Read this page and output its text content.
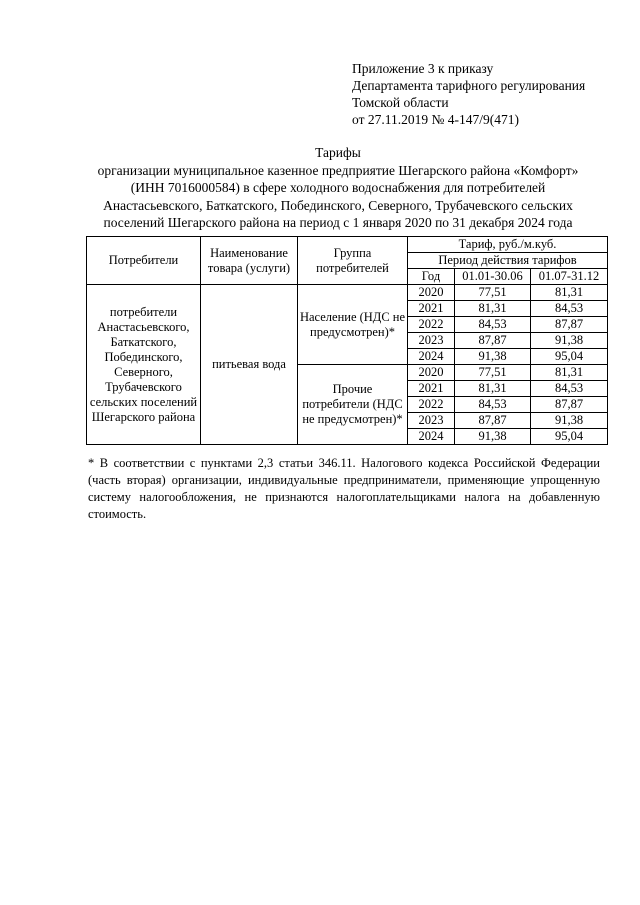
Приложение 3 к приказу
Департамента тарифного регулирования
Томской области
от 27.11.2019 № 4-147/9(471)
Тарифы
организации муниципальное казенное предприятие Шегарского района «Комфорт»
(ИНН 7016000584) в сфере холодного водоснабжения для потребителей
Анастасьевского, Баткатского, Побединского, Северного, Трубачевского сельских
поселений Шегарского района на период с 1 января 2020 по 31 декабря 2024 года
Потребители	Наименование товара (услуги)	Группа потребителей	Тариф, руб./м.куб.		
			Период действия тарифов		
			Год	01.01-30.06	01.07-31.12
потребители Анастасьевского, Баткатского, Побединского, Северного, Трубачевского сельских поселений Шегарского района	питьевая вода	Население (НДС не предусмотрен)*	2020	77,51	81,31
			2021	81,31	84,53
			2022	84,53	87,87
			2023	87,87	91,38
			2024	91,38	95,04
		Прочие потребители (НДС не предусмотрен)*	2020	77,51	81,31
			2021	81,31	84,53
			2022	84,53	87,87
			2023	87,87	91,38
			2024	91,38	95,04
* В соответствии с пунктами 2,3 статьи 346.11. Налогового кодекса Российской Федерации (часть вторая) организации, индивидуальные предприниматели, применяющие упрощенную систему налогообложения, не признаются налогоплательщиками налога на добавленную стоимость.
